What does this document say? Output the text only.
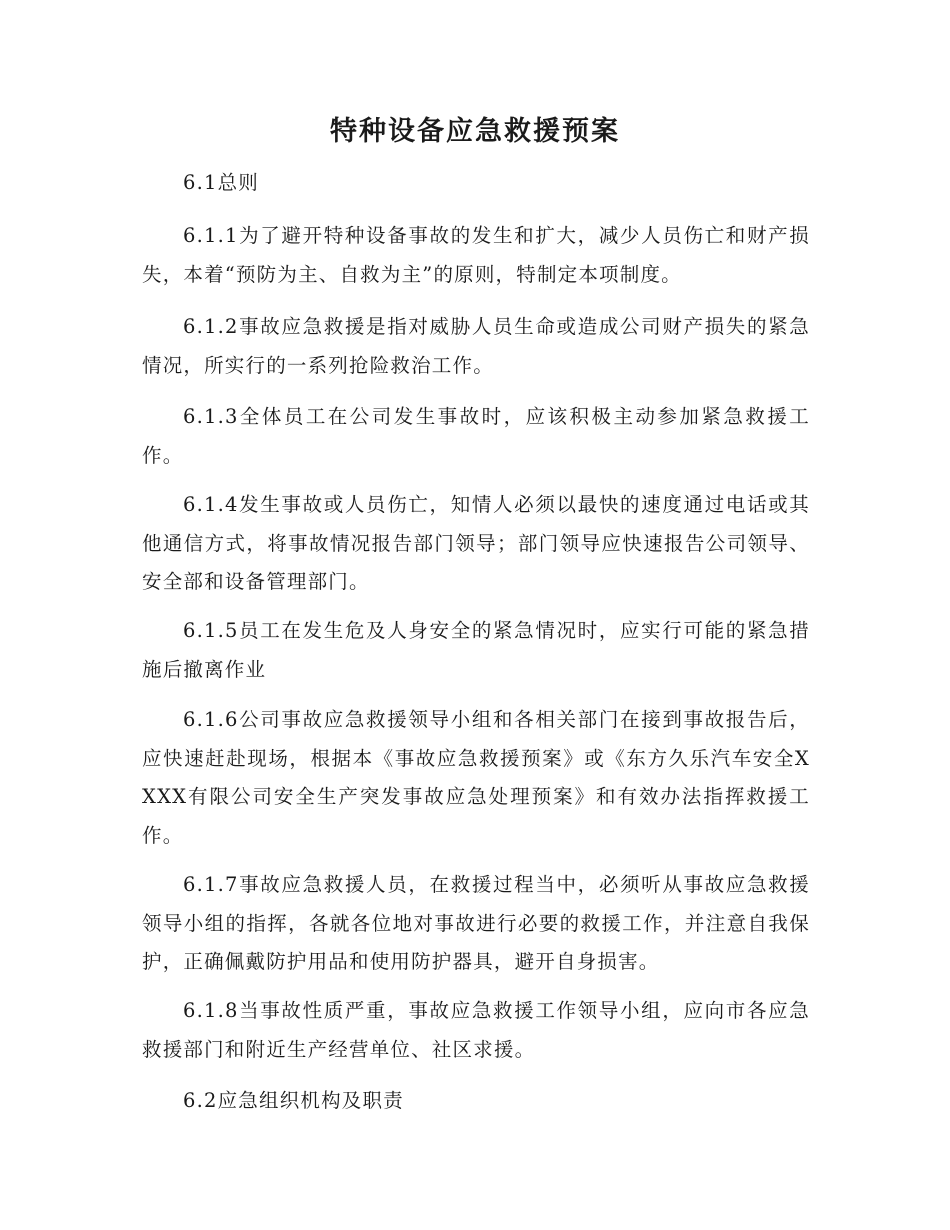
特种设备应急救援预案

6.1总则

6.1.1为了避开特种设备事故的发生和扩大，减少人员伤亡和财产损失，本着“预防为主、自救为主”的原则，特制定本项制度。

6.1.2事故应急救援是指对威胁人员生命或造成公司财产损失的紧急情况，所实行的一系列抢险救治工作。

6.1.3全体员工在公司发生事故时，应该积极主动参加紧急救援工作。

6.1.4发生事故或人员伤亡，知情人必须以最快的速度通过电话或其他通信方式，将事故情况报告部门领导；部门领导应快速报告公司领导、安全部和设备管理部门。

6.1.5员工在发生危及人身安全的紧急情况时，应实行可能的紧急措施后撤离作业

6.1.6公司事故应急救援领导小组和各相关部门在接到事故报告后，应快速赶赴现场，根据本《事故应急救援预案》或《东方久乐汽车安全XXXX有限公司安全生产突发事故应急处理预案》和有效办法指挥救援工作。

6.1.7事故应急救援人员，在救援过程当中，必须听从事故应急救援领导小组的指挥，各就各位地对事故进行必要的救援工作，并注意自我保护，正确佩戴防护用品和使用防护器具，避开自身损害。

6.1.8当事故性质严重，事故应急救援工作领导小组，应向市各应急救援部门和附近生产经营单位、社区求援。

6.2应急组织机构及职责
